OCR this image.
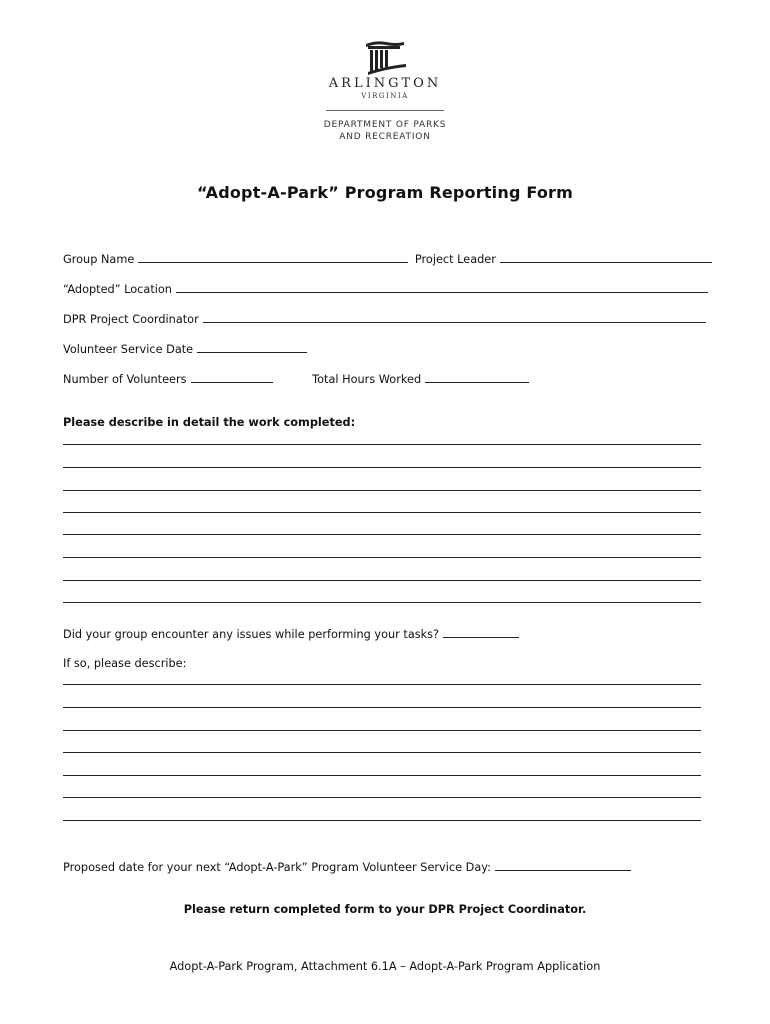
ARLINGTON
VIRGINIA
DEPARTMENT OF PARKS
AND RECREATION
“Adopt-A-Park” Program Reporting Form
Group Name	Project Leader
“Adopted” Location
DPR Project Coordinator
Volunteer Service Date
Number of Volunteers	Total Hours Worked
Please describe in detail the work completed:
Did your group encounter any issues while performing your tasks?
If so, please describe:
Proposed date for your next “Adopt-A-Park” Program Volunteer Service Day:
Please return completed form to your DPR Project Coordinator.
Adopt-A-Park Program, Attachment 6.1A – Adopt-A-Park Program Application
